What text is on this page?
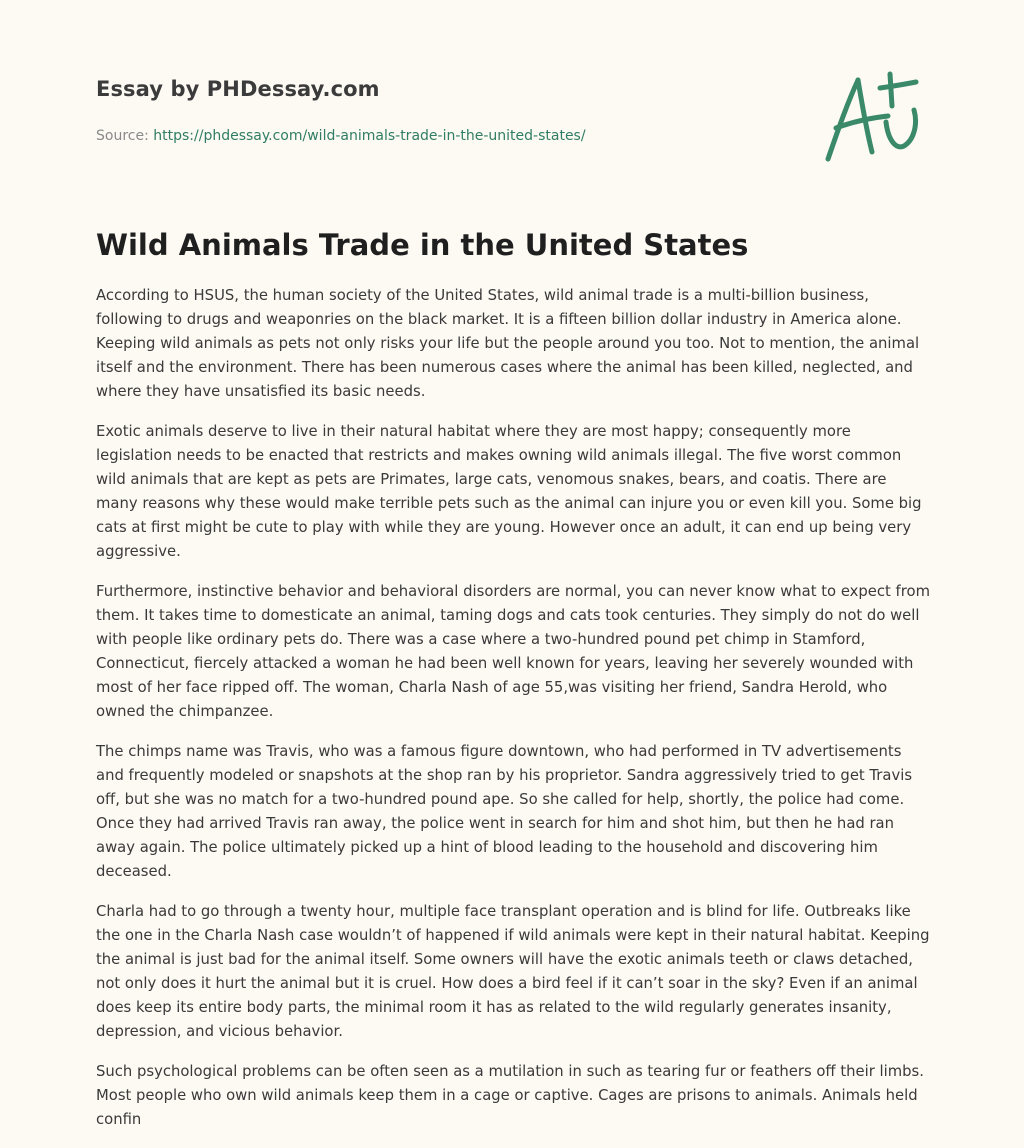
Essay by PHDessay.com
Source: https://phdessay.com/wild-animals-trade-in-the-united-states/
Wild Animals Trade in the United States

According to HSUS, the human society of the United States, wild animal trade is a multi-billion business, following to drugs and weaponries on the black market. It is a fifteen billion dollar industry in America alone. Keeping wild animals as pets not only risks your life but the people around you too. Not to mention, the animal itself and the environment. There has been numerous cases where the animal has been killed, neglected, and where they have unsatisfied its basic needs.

Exotic animals deserve to live in their natural habitat where they are most happy; consequently more legislation needs to be enacted that restricts and makes owning wild animals illegal. The five worst common wild animals that are kept as pets are Primates, large cats, venomous snakes, bears, and coatis. There are many reasons why these would make terrible pets such as the animal can injure you or even kill you. Some big cats at first might be cute to play with while they are young. However once an adult, it can end up being very aggressive.

Furthermore, instinctive behavior and behavioral disorders are normal, you can never know what to expect from them. It takes time to domesticate an animal, taming dogs and cats took centuries. They simply do not do well with people like ordinary pets do. There was a case where a two-hundred pound pet chimp in Stamford, Connecticut, fiercely attacked a woman he had been well known for years, leaving her severely wounded with most of her face ripped off. The woman, Charla Nash of age 55,was visiting her friend, Sandra Herold, who owned the chimpanzee.

The chimps name was Travis, who was a famous figure downtown, who had performed in TV advertisements and frequently modeled or snapshots at the shop ran by his proprietor. Sandra aggressively tried to get Travis off, but she was no match for a two-hundred pound ape. So she called for help, shortly, the police had come. Once they had arrived Travis ran away, the police went in search for him and shot him, but then he had ran away again. The police ultimately picked up a hint of blood leading to the household and discovering him deceased.

Charla had to go through a twenty hour, multiple face transplant operation and is blind for life. Outbreaks like the one in the Charla Nash case wouldn’t of happened if wild animals were kept in their natural habitat. Keeping the animal is just bad for the animal itself. Some owners will have the exotic animals teeth or claws detached, not only does it hurt the animal but it is cruel. How does a bird feel if it can’t soar in the sky? Even if an animal does keep its entire body parts, the minimal room it has as related to the wild regularly generates insanity, depression, and vicious behavior.

Such psychological problems can be often seen as a mutilation in such as tearing fur or feathers off their limbs. Most people who own wild animals keep them in a cage or captive. Cages are prisons to animals. Animals held confin
